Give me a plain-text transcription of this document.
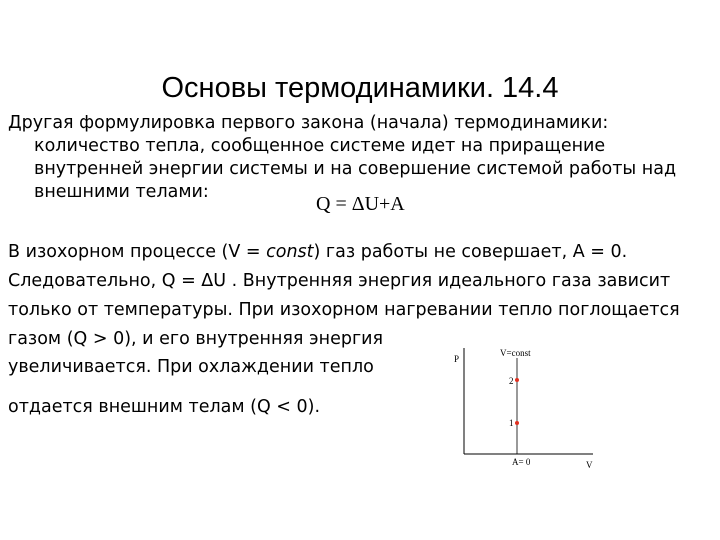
Основы термодинамики. 14.4
Другая формулировка первого закона (начала) термодинамики:
количество тепла, сообщенное системе идет на приращение
внутренней энергии системы и на совершение системой работы над
внешними телами:
Q = ΔU+A
В изохорном процессе (V = const) газ работы не совершает, A = 0.
Следовательно, Q = ΔU . Внутренняя энергия идеального газа зависит
только от температуры. При изохорном нагревании тепло поглощается
газом (Q > 0), и его внутренняя энергия
увеличивается. При охлаждении тепло
отдается внешним телам (Q < 0).
P
V=const
2
1
A= 0	V
